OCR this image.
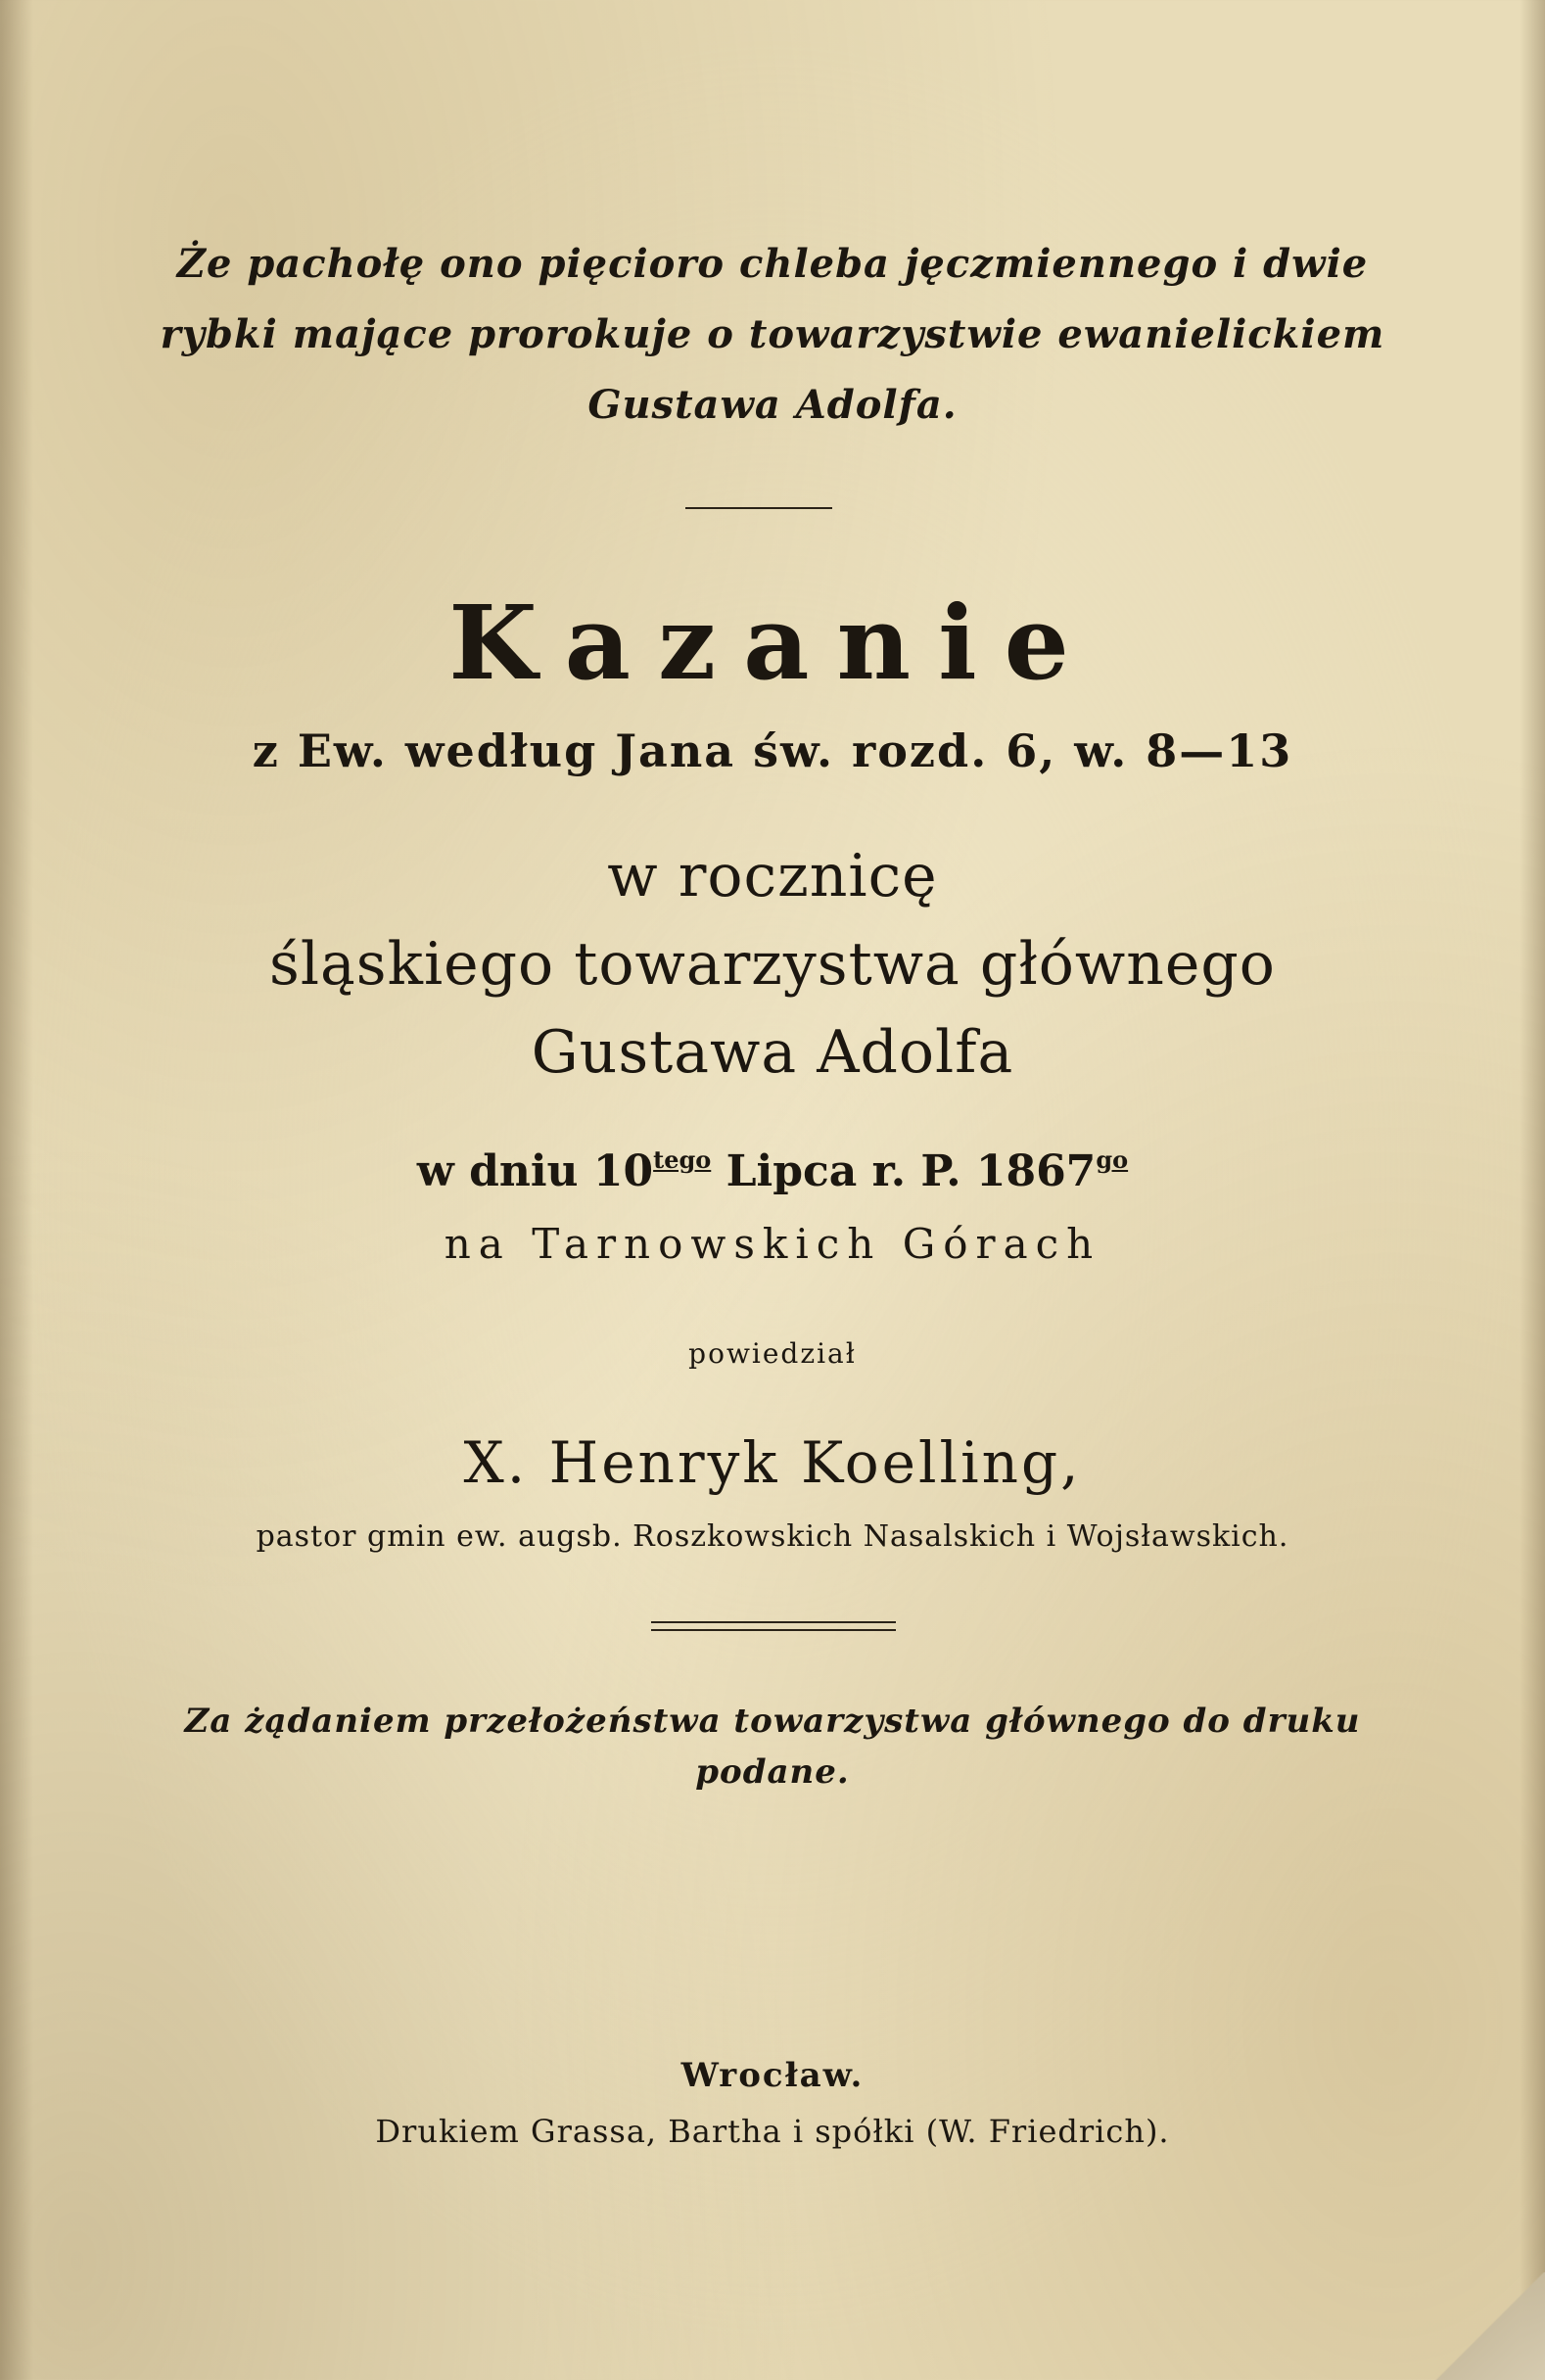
Że pachołę ono pięcioro chleba jęczmiennego i dwie
rybki mające prorokuje o towarzystwie ewanielickiem
Gustawa Adolfa.
Kazanie
z Ew. według Jana św. rozd. 6, w. 8—13
w rocznicę
śląskiego towarzystwa głównego
Gustawa Adolfa
w dniu $10^{tego}$ Lipca r. P. $1867^{go}$
na Tarnowskich Górach
powiedział
X. Henryk Koelling,
pastor gmin ew. augsb. Roszkowskich Nasalskich i Wojsławskich.
Za żądaniem przełożeństwa towarzystwa głównego do druku
podane.
Wrocław.
Drukiem Grassa, Bartha i spółki (W. Friedrich).
